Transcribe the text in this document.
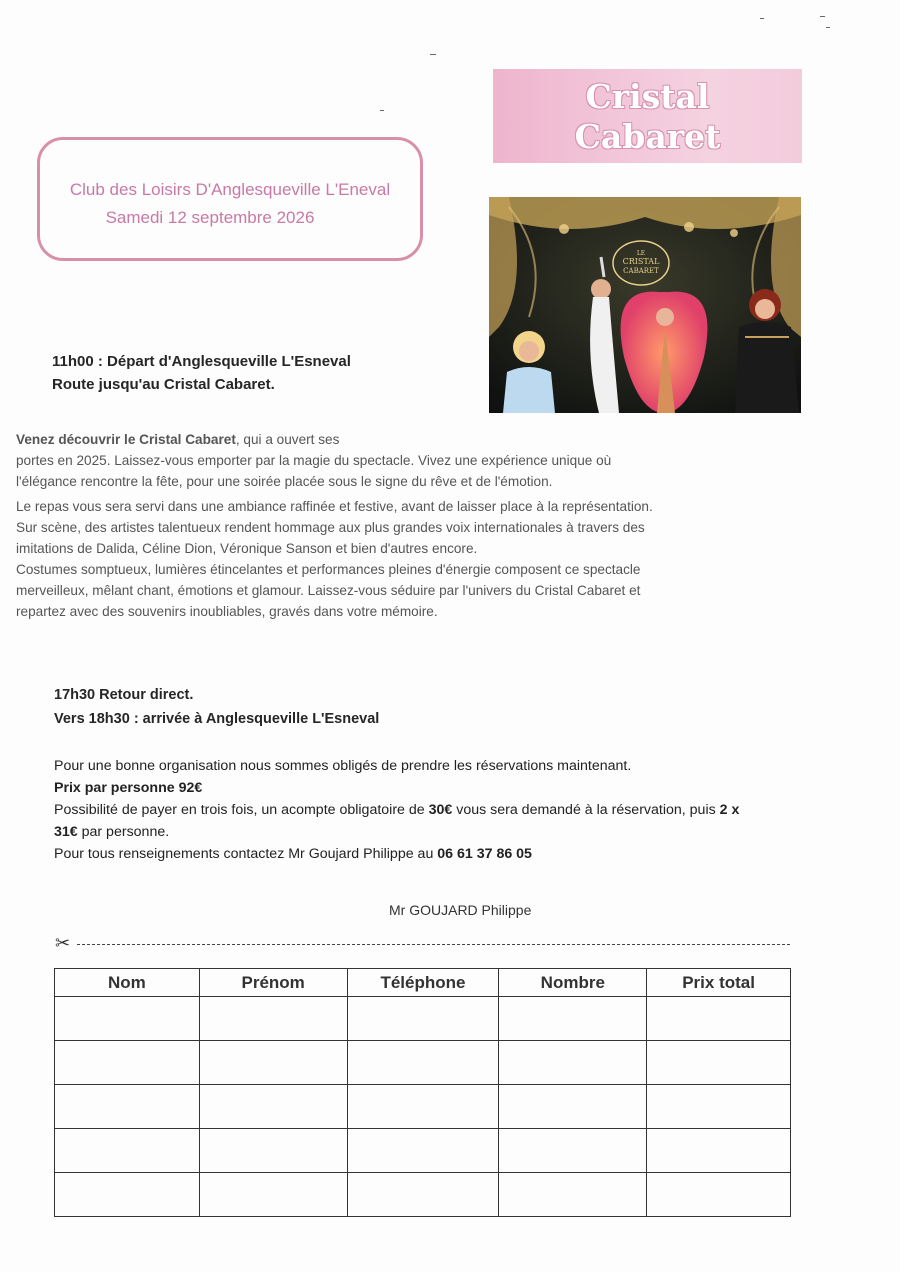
Club des Loisirs D'Anglesqueville L'Eneval
Samedi 12 septembre 2026
Cristal
Cabaret
LE
CRISTAL
CABARET
11h00 : Départ d'Anglesqueville L'Esneval
Route jusqu'au Cristal Cabaret.
Venez découvrir le Cristal Cabaret, qui a ouvert ses
portes en 2025. Laissez-vous emporter par la magie du spectacle. Vivez une expérience unique où
l'élégance rencontre la fête, pour une soirée placée sous le signe du rêve et de l'émotion.
Le repas vous sera servi dans une ambiance raffinée et festive, avant de laisser place à la représentation.
Sur scène, des artistes talentueux rendent hommage aux plus grandes voix internationales à travers des
imitations de Dalida, Céline Dion, Véronique Sanson et bien d'autres encore.
Costumes somptueux, lumières étincelantes et performances pleines d'énergie composent ce spectacle
merveilleux, mêlant chant, émotions et glamour. Laissez-vous séduire par l'univers du Cristal Cabaret et
repartez avec des souvenirs inoubliables, gravés dans votre mémoire.
17h30 Retour direct.
Vers 18h30 : arrivée à Anglesqueville L'Esneval
Pour une bonne organisation nous sommes obligés de prendre les réservations maintenant.
Prix par personne 92€
Possibilité de payer en trois fois, un acompte obligatoire de 30€ vous sera demandé à la réservation, puis 2 x
31€ par personne.
Pour tous renseignements contactez Mr Goujard Philippe au 06 61 37 86 05
Mr GOUJARD Philippe
✂
Nom	Prénom	Téléphone	Nombre	Prix total
